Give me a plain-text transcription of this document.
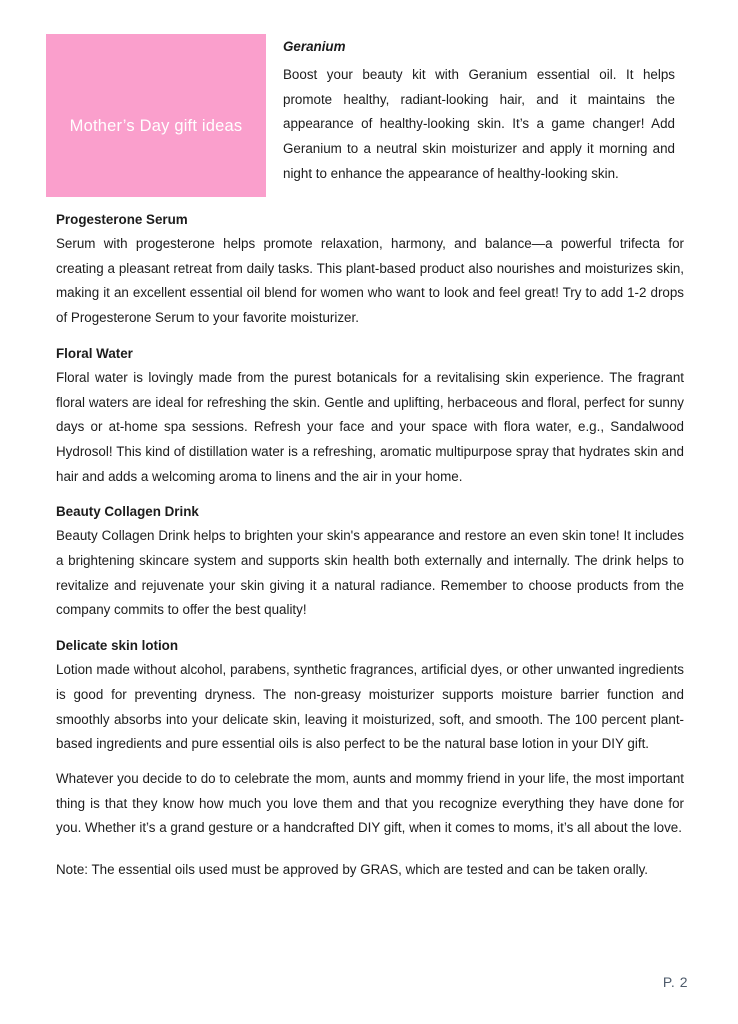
Mother’s Day gift ideas
Geranium

Boost your beauty kit with Geranium essential oil. It helps promote healthy, radiant-looking hair, and it maintains the appearance of healthy-looking skin. It’s a game changer! Add Geranium to a neutral skin moisturizer and apply it morning and night to enhance the appearance of healthy-looking skin.

Progesterone Serum

Serum with progesterone helps promote relaxation, harmony, and balance—a powerful trifecta for creating a pleasant retreat from daily tasks. This plant-based product also nourishes and moisturizes skin, making it an excellent essential oil blend for women who want to look and feel great! Try to add 1-2 drops of Progesterone Serum to your favorite moisturizer.

Floral Water

Floral water is lovingly made from the purest botanicals for a revitalising skin experience. The fragrant floral waters are ideal for refreshing the skin. Gentle and uplifting, herbaceous and floral, perfect for sunny days or at-home spa sessions. Refresh your face and your space with flora water, e.g., Sandalwood Hydrosol! This kind of distillation water is a refreshing, aromatic multipurpose spray that hydrates skin and hair and adds a welcoming aroma to linens and the air in your home.

Beauty Collagen Drink

Beauty Collagen Drink helps to brighten your skin's appearance and restore an even skin tone! It includes a brightening skincare system and supports skin health both externally and internally. The drink helps to revitalize and rejuvenate your skin giving it a natural radiance. Remember to choose products from the company commits to offer the best quality!

Delicate skin lotion

Lotion made without alcohol, parabens, synthetic fragrances, artificial dyes, or other unwanted ingredients is good for preventing dryness. The non-greasy moisturizer supports moisture barrier function and smoothly absorbs into your delicate skin, leaving it moisturized, soft, and smooth. The 100 percent plant-based ingredients and pure essential oils is also perfect to be the natural base lotion in your DIY gift.

Whatever you decide to do to celebrate the mom, aunts and mommy friend in your life, the most important thing is that they know how much you love them and that you recognize everything they have done for you. Whether it’s a grand gesture or a handcrafted DIY gift, when it comes to moms, it’s all about the love.

Note: The essential oils used must be approved by GRAS, which are tested and can be taken orally.

P. 2
